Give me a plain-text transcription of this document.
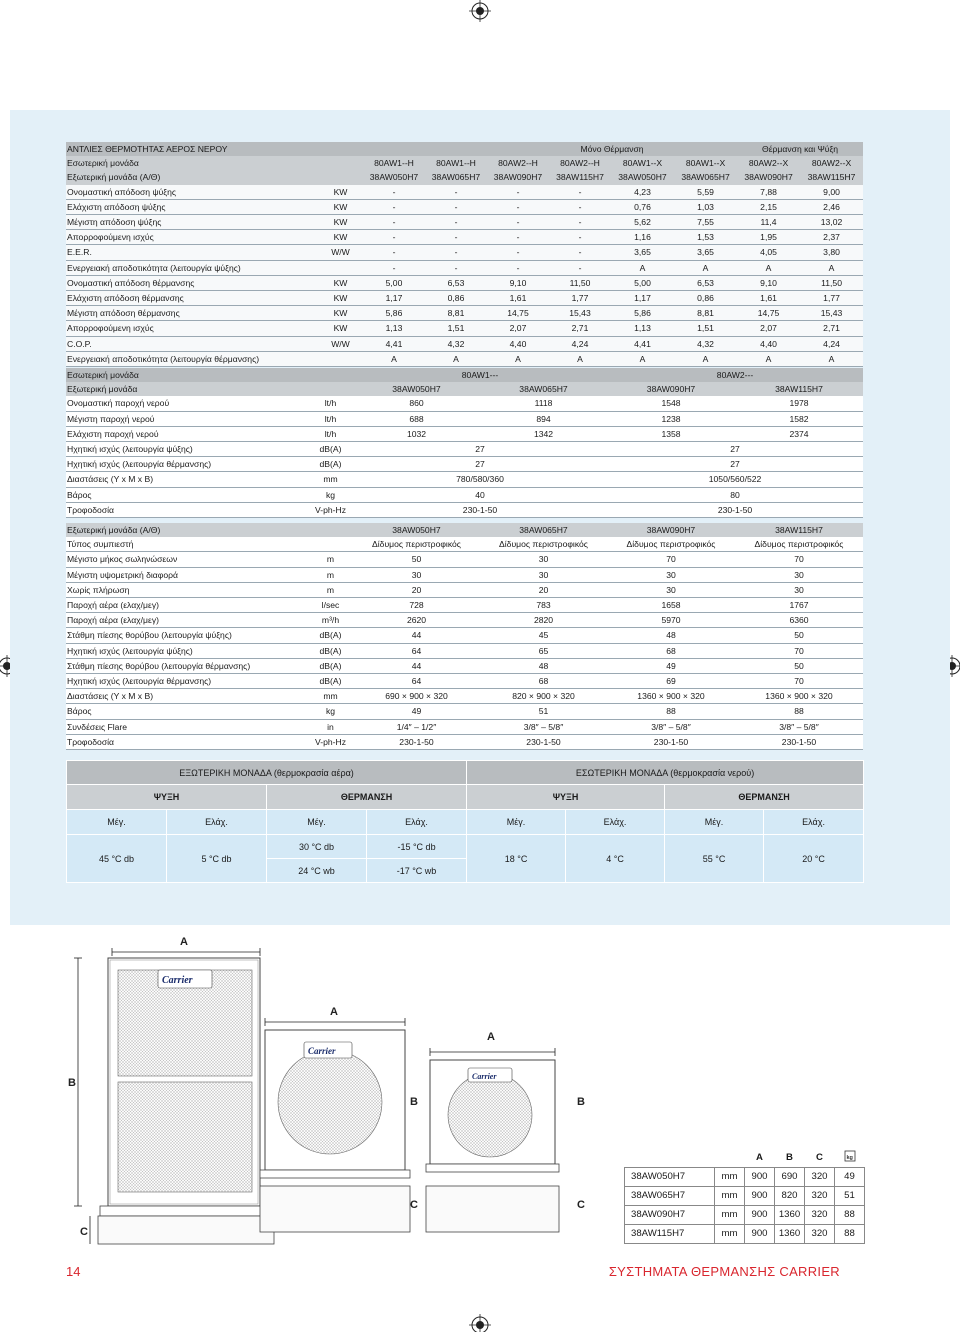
ΑΝΤΛΙΕΣ ΘΕΡΜΟΤΗΤΑΣ ΑΕΡΟΣ ΝΕΡΟΥ				Μόνο Θέρμανση				Θέρμανση και Ψύξη	
Εσωτερική μονάδα		80AW1--H	80AW1--H	80AW2--H	80AW2--H	80AW1--X	80AW1--X	80AW2--X	80AW2--X
Εξωτερική μονάδα (Α/Θ)		38AW050H7	38AW065H7	38AW090H7	38AW115H7	38AW050H7	38AW065H7	38AW090H7	38AW115H7
Ονομαστική απόδοση ψύξης	KW	-	-	-	-	4,23	5,59	7,88	9,00
Ελάχιστη απόδοση ψύξης	KW	-	-	-	-	0,76	1,03	2,15	2,46
Μέγιστη απόδοση ψύξης	KW	-	-	-	-	5,62	7,55	11,4	13,02
Απορροφούμενη ισχύς	KW	-	-	-	-	1,16	1,53	1,95	2,37
E.E.R.	W/W	-	-	-	-	3,65	3,65	4,05	3,80
Ενεργειακή αποδοτικότητα (λειτουργία ψύξης)		-	-	-	-	A	A	A	A
Ονομαστική απόδοση θέρμανσης	KW	5,00	6,53	9,10	11,50	5,00	6,53	9,10	11,50
Ελάχιστη απόδοση θέρμανσης	KW	1,17	0,86	1,61	1,77	1,17	0,86	1,61	1,77
Μέγιστη απόδοση θέρμανσης	KW	5,86	8,81	14,75	15,43	5,86	8,81	14,75	15,43
Απορροφούμενη ισχύς	KW	1,13	1,51	2,07	2,71	1,13	1,51	2,07	2,71
C.O.P.	W/W	4,41	4,32	4,40	4,24	4,41	4,32	4,40	4,24
Ενεργειακή αποδοτικότητα (λειτουργία θέρμανσης)		A	A	A	A	A	A	A	A
Εσωτερική μονάδα		80AW1---		80AW2---	
Εξωτερική μονάδα		38AW050H7	38AW065H7	38AW090H7	38AW115H7
Ονομαστική παροχή νερού	lt/h	860	1118	1548	1978
Μέγιστη παροχή νερού	lt/h	688	894	1238	1582
Ελάχιστη παροχή νερού	lt/h	1032	1342	1358	2374
Ηχητική ισχύς (λειτουργία ψύξης)	dB(A)	27		27	
Ηχητική ισχύς (λειτουργία θέρμανσης)	dB(A)	27		27	
Διαστάσεις (Υ x M x B)	mm	780/580/360		1050/560/522	
Βάρος	kg	40		80	
Τροφοδοσία	V-ph-Hz	230-1-50		230-1-50	
Εξωτερική μονάδα (Α/Θ)		38AW050H7	38AW065H7	38AW090H7	38AW115H7
Τύπος συμπιεστή		Δίδυμος περιστροφικός	Δίδυμος περιστροφικός	Δίδυμος περιστροφικός	Δίδυμος περιστροφικός
Μέγιστο μήκος σωληνώσεων	m	50	30	70	70
Μέγιστη υψομετρική διαφορά	m	30	30	30	30
Χωρίς πλήρωση	m	20	20	30	30
Παροχή αέρα (ελαχ/μεγ)	l/sec	728	783	1658	1767
Παροχή αέρα (ελαχ/μεγ)	m³/h	2620	2820	5970	6360
Στάθμη πίεσης θορύβου (λειτουργία ψύξης)	dB(A)	44	45	48	50
Ηχητική ισχύς (λειτουργία ψύξης)	dB(A)	64	65	68	70
Στάθμη πίεσης θορύβου (λειτουργία θέρμανσης)	dB(A)	44	48	49	50
Ηχητική ισχύς (λειτουργία θέρμανσης)	dB(A)	64	68	69	70
Διαστάσεις (Υ x M x B)	mm	690 × 900 × 320	820 × 900 × 320	1360 × 900 × 320	1360 × 900 × 320
Βάρος	kg	49	51	88	88
Συνδέσεις Flare	in	1/4″ – 1/2″	3/8″ – 5/8″	3/8″ – 5/8″	3/8″ – 5/8″
Τροφοδοσία	V-ph-Hz	230-1-50	230-1-50	230-1-50	230-1-50
ΕΞΩΤΕΡΙΚΗ ΜΟΝΑΔΑ (θερμοκρασία αέρα)				ΕΣΩΤΕΡΙΚΗ ΜΟΝΑΔΑ (θερμοκρασία νερού)			
ΨΥΞΗ		ΘΕΡΜΑΝΣΗ		ΨΥΞΗ		ΘΕΡΜΑΝΣΗ	
Μέγ.	Ελάχ.	Μέγ.	Ελάχ.	Μέγ.	Ελάχ.	Μέγ.	Ελάχ.
45 °C db	5 °C db	30 °C db	-15 °C db	18 °C	4 °C	55 °C	20 °C
		24 °C wb	-17 °C wb				
A
Carrier
B
C
A
Carrier
C
B
A
Carrier
B
C
		A	B	C	kg

38AW050H7	mm	900	690	320	49
38AW065H7	mm	900	820	320	51
38AW090H7	mm	900	1360	320	88
38AW115H7	mm	900	1360	320	88
14	ΣΥΣΤΗΜΑΤΑ ΘΕΡΜΑΝΣΗΣ CARRIER
